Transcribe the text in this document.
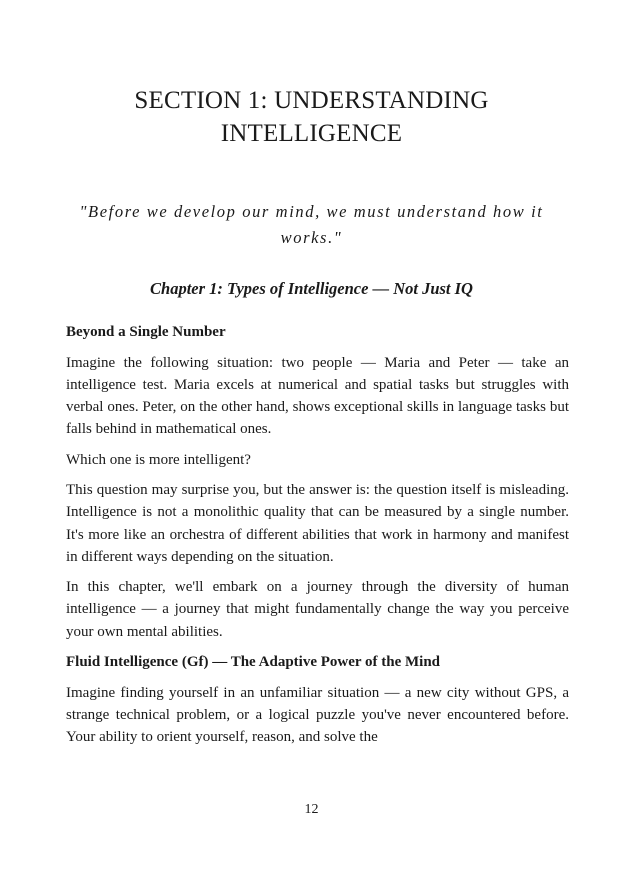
SECTION 1: UNDERSTANDING INTELLIGENCE

"Before we develop our mind, we must understand how it works."

Chapter 1: Types of Intelligence — Not Just IQ
Beyond a Single Number

Imagine the following situation: two people — Maria and Peter — take an intelligence test. Maria excels at numerical and spatial tasks but struggles with verbal ones. Peter, on the other hand, shows exceptional skills in language tasks but falls behind in mathematical ones.

Which one is more intelligent?

This question may surprise you, but the answer is: the question itself is misleading. Intelligence is not a monolithic quality that can be measured by a single number. It's more like an orchestra of different abilities that work in harmony and manifest in different ways depending on the situation.

In this chapter, we'll embark on a journey through the diversity of human intelligence — a journey that might fundamentally change the way you perceive your own mental abilities.

Fluid Intelligence (Gf) — The Adaptive Power of the Mind

Imagine finding yourself in an unfamiliar situation — a new city without GPS, a strange technical problem, or a logical puzzle you've never encountered before. Your ability to orient yourself, reason, and solve the

12
